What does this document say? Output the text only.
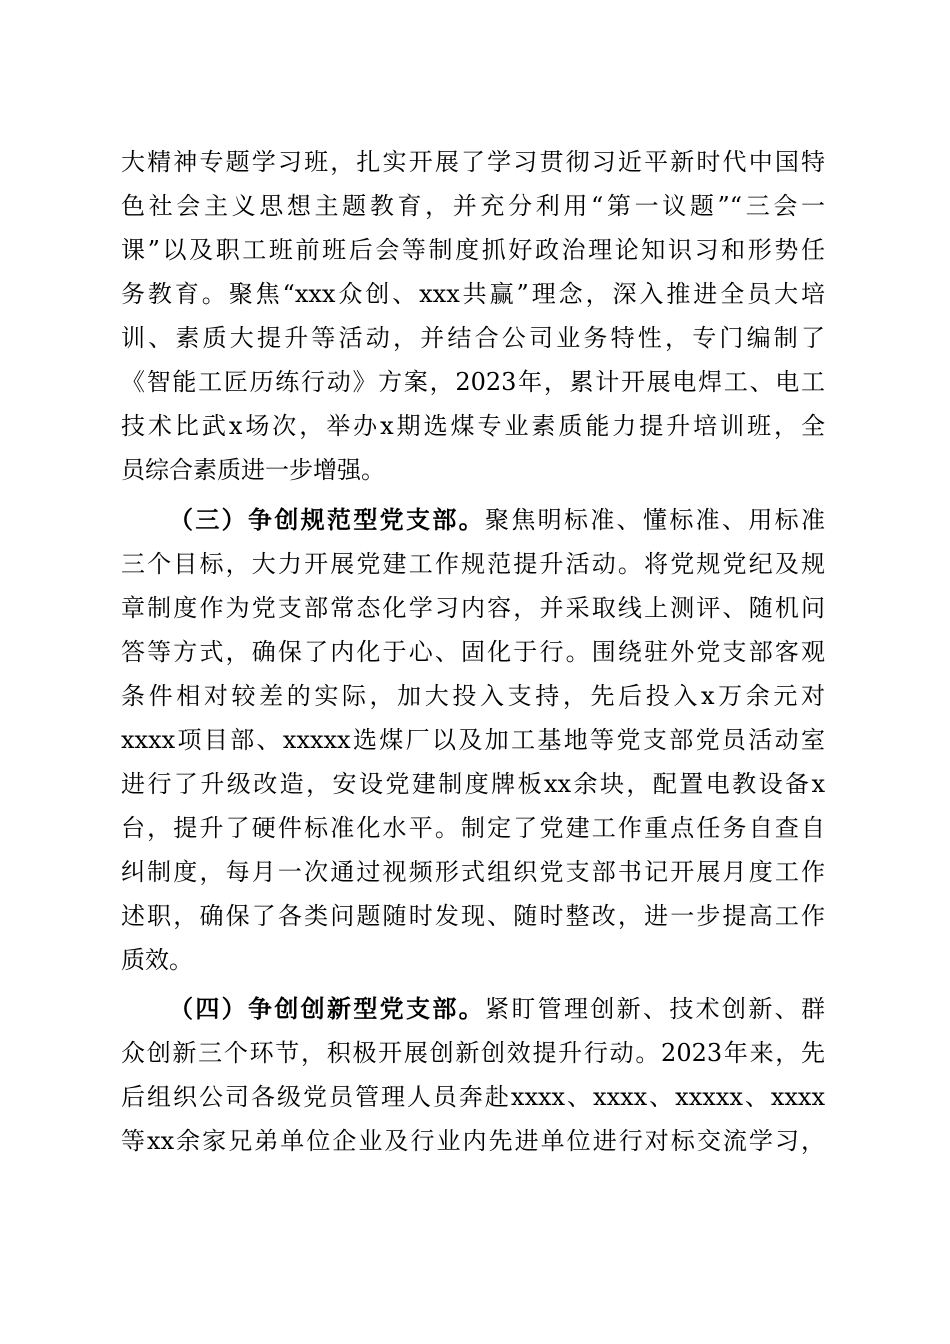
大精神专题学习班，扎实开展了学习贯彻习近平新时代中国特
色社会主义思想主题教育，并充分利用“第一议题”“三会一
课”以及职工班前班后会等制度抓好政治理论知识习和形势任
务教育。聚焦“xxx众创、xxx共赢”理念，深入推进全员大培
训、素质大提升等活动，并结合公司业务特性，专门编制了
《智能工匠历练行动》方案，2023年，累计开展电焊工、电工
技术比武x场次，举办x期选煤专业素质能力提升培训班，全
员综合素质进一步增强。
（三）争创规范型党支部。聚焦明标准、懂标准、用标准
三个目标，大力开展党建工作规范提升活动。将党规党纪及规
章制度作为党支部常态化学习内容，并采取线上测评、随机问
答等方式，确保了内化于心、固化于行。围绕驻外党支部客观
条件相对较差的实际，加大投入支持，先后投入x万余元对
xxxx项目部、xxxxx选煤厂以及加工基地等党支部党员活动室
进行了升级改造，安设党建制度牌板xx余块，配置电教设备x
台，提升了硬件标准化水平。制定了党建工作重点任务自查自
纠制度，每月一次通过视频形式组织党支部书记开展月度工作
述职，确保了各类问题随时发现、随时整改，进一步提高工作
质效。
（四）争创创新型党支部。紧盯管理创新、技术创新、群
众创新三个环节，积极开展创新创效提升行动。2023年来，先
后组织公司各级党员管理人员奔赴xxxx、xxxx、xxxxx、xxxx
等xx余家兄弟单位企业及行业内先进单位进行对标交流学习，
